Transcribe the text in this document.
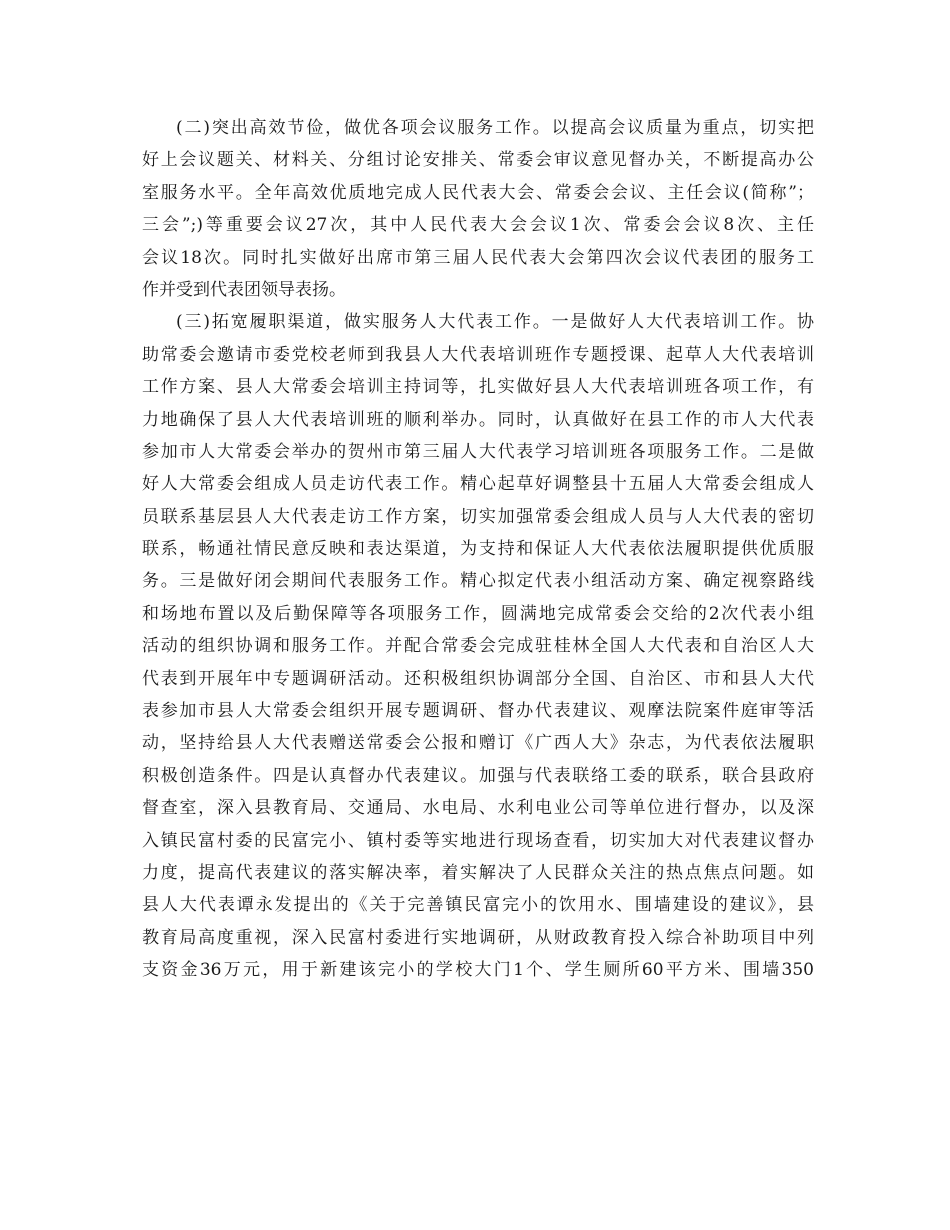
(二)突出高效节俭，做优各项会议服务工作。以提高会议质量为重点，切实把
好上会议题关、材料关、分组讨论安排关、常委会审议意见督办关，不断提高办公
室服务水平。全年高效优质地完成人民代表大会、常委会会议、主任会议(简称”；
三会”;)等重要会议27次，其中人民代表大会会议1次、常委会会议8次、主任
会议18次。同时扎实做好出席市第三届人民代表大会第四次会议代表团的服务工
作并受到代表团领导表扬。
(三)拓宽履职渠道，做实服务人大代表工作。一是做好人大代表培训工作。协
助常委会邀请市委党校老师到我县人大代表培训班作专题授课、起草人大代表培训
工作方案、县人大常委会培训主持词等，扎实做好县人大代表培训班各项工作，有
力地确保了县人大代表培训班的顺利举办。同时，认真做好在县工作的市人大代表
参加市人大常委会举办的贺州市第三届人大代表学习培训班各项服务工作。二是做
好人大常委会组成人员走访代表工作。精心起草好调整县十五届人大常委会组成人
员联系基层县人大代表走访工作方案，切实加强常委会组成人员与人大代表的密切
联系，畅通社情民意反映和表达渠道，为支持和保证人大代表依法履职提供优质服
务。三是做好闭会期间代表服务工作。精心拟定代表小组活动方案、确定视察路线
和场地布置以及后勤保障等各项服务工作，圆满地完成常委会交给的2次代表小组
活动的组织协调和服务工作。并配合常委会完成驻桂林全国人大代表和自治区人大
代表到开展年中专题调研活动。还积极组织协调部分全国、自治区、市和县人大代
表参加市县人大常委会组织开展专题调研、督办代表建议、观摩法院案件庭审等活
动，坚持给县人大代表赠送常委会公报和赠订《广西人大》杂志，为代表依法履职
积极创造条件。四是认真督办代表建议。加强与代表联络工委的联系，联合县政府
督查室，深入县教育局、交通局、水电局、水利电业公司等单位进行督办，以及深
入镇民富村委的民富完小、镇村委等实地进行现场查看，切实加大对代表建议督办
力度，提高代表建议的落实解决率，着实解决了人民群众关注的热点焦点问题。如
县人大代表谭永发提出的《关于完善镇民富完小的饮用水、围墙建设的建议》，县
教育局高度重视，深入民富村委进行实地调研，从财政教育投入综合补助项目中列
支资金36万元，用于新建该完小的学校大门1个、学生厕所60平方米、围墙350
